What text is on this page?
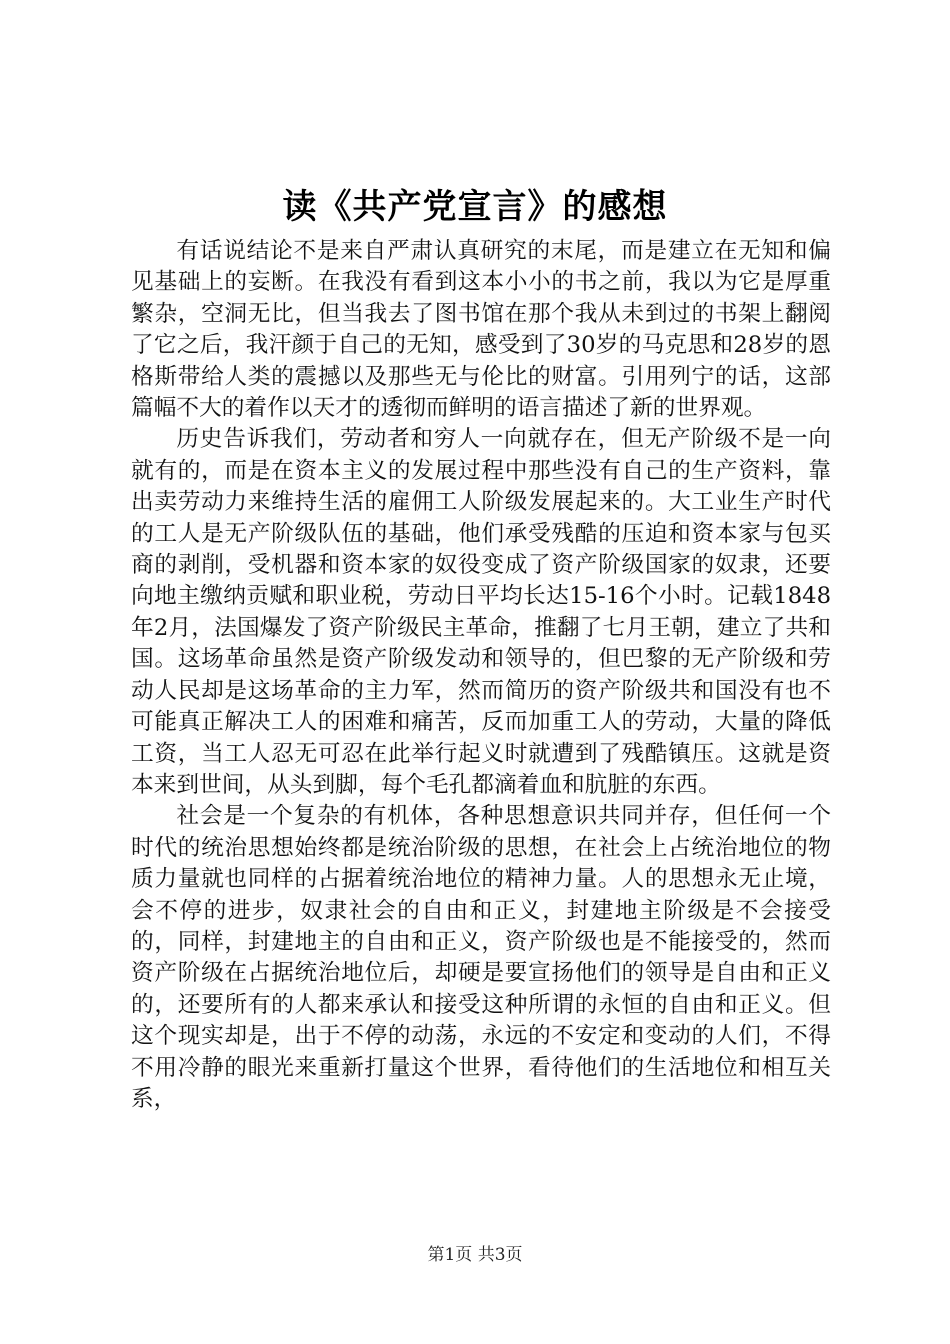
读《共产党宣言》的感想

有话说结论不是来自严肃认真研究的末尾，而是建立在无知和偏见基础上的妄断。在我没有看到这本小小的书之前，我以为它是厚重繁杂，空洞无比，但当我去了图书馆在那个我从未到过的书架上翻阅了它之后，我汗颜于自己的无知，感受到了30岁的马克思和28岁的恩格斯带给人类的震撼以及那些无与伦比的财富。引用列宁的话，这部篇幅不大的着作以天才的透彻而鲜明的语言描述了新的世界观。

历史告诉我们，劳动者和穷人一向就存在，但无产阶级不是一向就有的，而是在资本主义的发展过程中那些没有自己的生产资料，靠出卖劳动力来维持生活的雇佣工人阶级发展起来的。大工业生产时代的工人是无产阶级队伍的基础，他们承受残酷的压迫和资本家与包买商的剥削，受机器和资本家的奴役变成了资产阶级国家的奴隶，还要向地主缴纳贡赋和职业税，劳动日平均长达15-16个小时。记载1848年2月，法国爆发了资产阶级民主革命，推翻了七月王朝，建立了共和国。这场革命虽然是资产阶级发动和领导的，但巴黎的无产阶级和劳动人民却是这场革命的主力军，然而简历的资产阶级共和国没有也不可能真正解决工人的困难和痛苦，反而加重工人的劳动，大量的降低工资，当工人忍无可忍在此举行起义时就遭到了残酷镇压。这就是资本来到世间，从头到脚，每个毛孔都滴着血和肮脏的东西。

社会是一个复杂的有机体，各种思想意识共同并存，但任何一个时代的统治思想始终都是统治阶级的思想，在社会上占统治地位的物质力量就也同样的占据着统治地位的精神力量。人的思想永无止境，会不停的进步，奴隶社会的自由和正义，封建地主阶级是不会接受的，同样，封建地主的自由和正义，资产阶级也是不能接受的，然而资产阶级在占据统治地位后，却硬是要宣扬他们的领导是自由和正义的，还要所有的人都来承认和接受这种所谓的永恒的自由和正义。但这个现实却是，出于不停的动荡，永远的不安定和变动的人们，不得不用冷静的眼光来重新打量这个世界，看待他们的生活地位和相互关系，

第1页 共3页
